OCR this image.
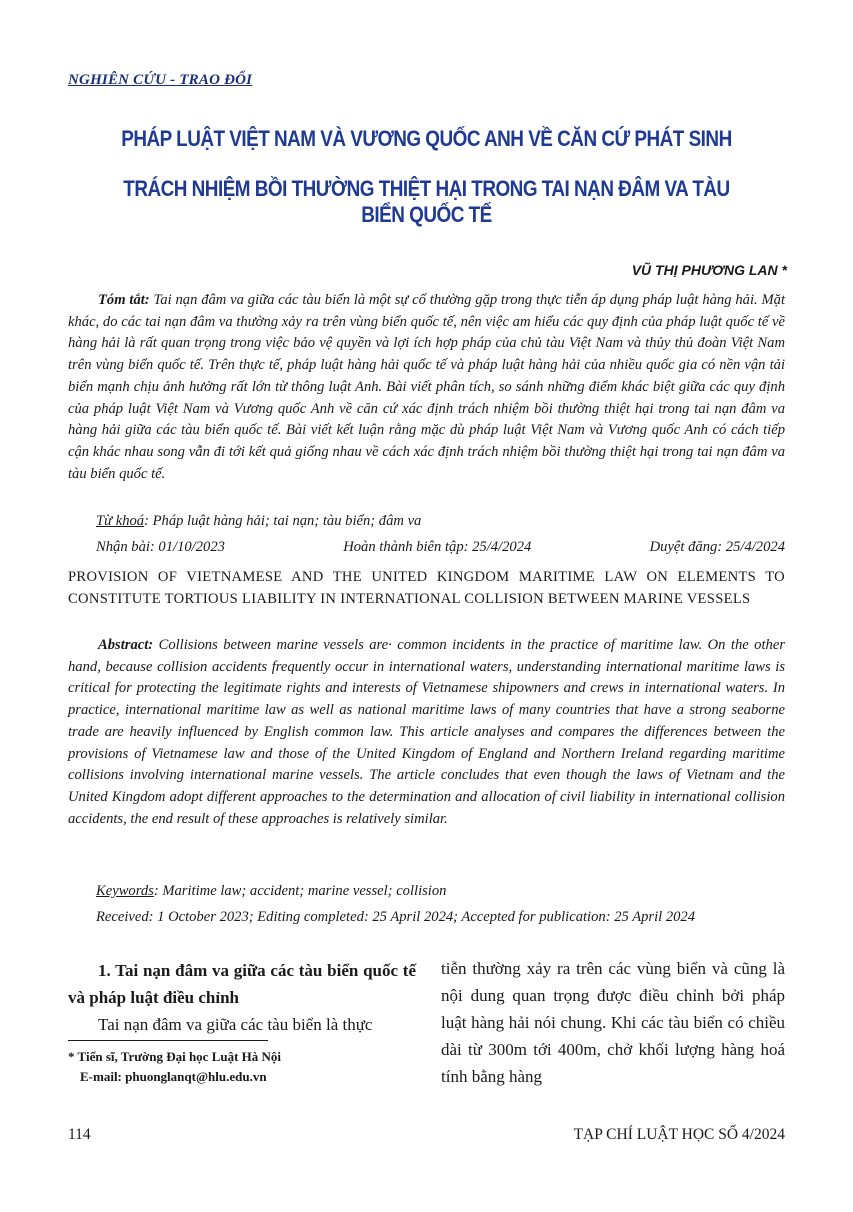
NGHIÊN CỨU - TRAO ĐỔI
PHÁP LUẬT VIỆT NAM VÀ VƯƠNG QUỐC ANH VỀ CĂN CỨ PHÁT SINH
TRÁCH NHIỆM BỒI THƯỜNG THIỆT HẠI TRONG TAI NẠN ĐÂM VA TÀU BIỂN QUỐC TẾ
VŨ THỊ PHƯƠNG LAN *
Tóm tắt: Tai nạn đâm va giữa các tàu biển là một sự cố thường gặp trong thực tiễn áp dụng pháp luật hàng hải. Mặt khác, do các tai nạn đâm va thường xảy ra trên vùng biển quốc tế, nên việc am hiểu các quy định của pháp luật quốc tế về hàng hải là rất quan trọng trong việc bảo vệ quyền và lợi ích hợp pháp của chủ tàu Việt Nam và thủy thủ đoàn Việt Nam trên vùng biển quốc tế. Trên thực tế, pháp luật hàng hải quốc tế và pháp luật hàng hải của nhiều quốc gia có nền vận tải biển mạnh chịu ảnh hưởng rất lớn từ thông luật Anh. Bài viết phân tích, so sánh những điểm khác biệt giữa các quy định của pháp luật Việt Nam và Vương quốc Anh về căn cứ xác định trách nhiệm bồi thường thiệt hại trong tai nạn đâm va hàng hải giữa các tàu biển quốc tế. Bài viết kết luận rằng mặc dù pháp luật Việt Nam và Vương quốc Anh có cách tiếp cận khác nhau song vẫn đi tới kết quả giống nhau về cách xác định trách nhiệm bồi thường thiệt hại trong tai nạn đâm va tàu biển quốc tế.
Từ khoá: Pháp luật hàng hải; tai nạn; tàu biển; đâm va
Nhận bài: 01/10/2023	Hoàn thành biên tập: 25/4/2024	Duyệt đăng: 25/4/2024
PROVISION OF VIETNAMESE AND THE UNITED KINGDOM MARITIME LAW ON ELEMENTS TO CONSTITUTE TORTIOUS LIABILITY IN INTERNATIONAL COLLISION BETWEEN MARINE VESSELS
Abstract: Collisions between marine vessels are· common incidents in the practice of maritime law. On the other hand, because collision accidents frequently occur in international waters, understanding international maritime laws is critical for protecting the legitimate rights and interests of Vietnamese shipowners and crews in international waters. In practice, international maritime law as well as national maritime laws of many countries that have a strong seaborne trade are heavily influenced by English common law. This article analyses and compares the differences between the provisions of Vietnamese law and those of the United Kingdom of England and Northern Ireland regarding maritime collisions involving international marine vessels. The article concludes that even though the laws of Vietnam and the United Kingdom adopt different approaches to the determination and allocation of civil liability in international collision accidents, the end result of these approaches is relatively similar.
Keywords: Maritime law; accident; marine vessel; collision
Received: 1 October 2023; Editing completed: 25 April 2024; Accepted for publication: 25 April 2024
1. Tai nạn đâm va giữa các tàu biển quốc tế và pháp luật điều chỉnh
Tai nạn đâm va giữa các tàu biển là thực
tiễn thường xảy ra trên các vùng biển và cũng là nội dung quan trọng được điều chỉnh bởi pháp luật hàng hải nói chung. Khi các tàu biển có chiều dài từ 300m tới 400m, chở khối lượng hàng hoá tính bằng hàng
* Tiến sĩ, Trường Đại học Luật Hà Nội
E-mail: phuonglanqt@hlu.edu.vn
114	TẠP CHÍ LUẬT HỌC SỐ 4/2024
